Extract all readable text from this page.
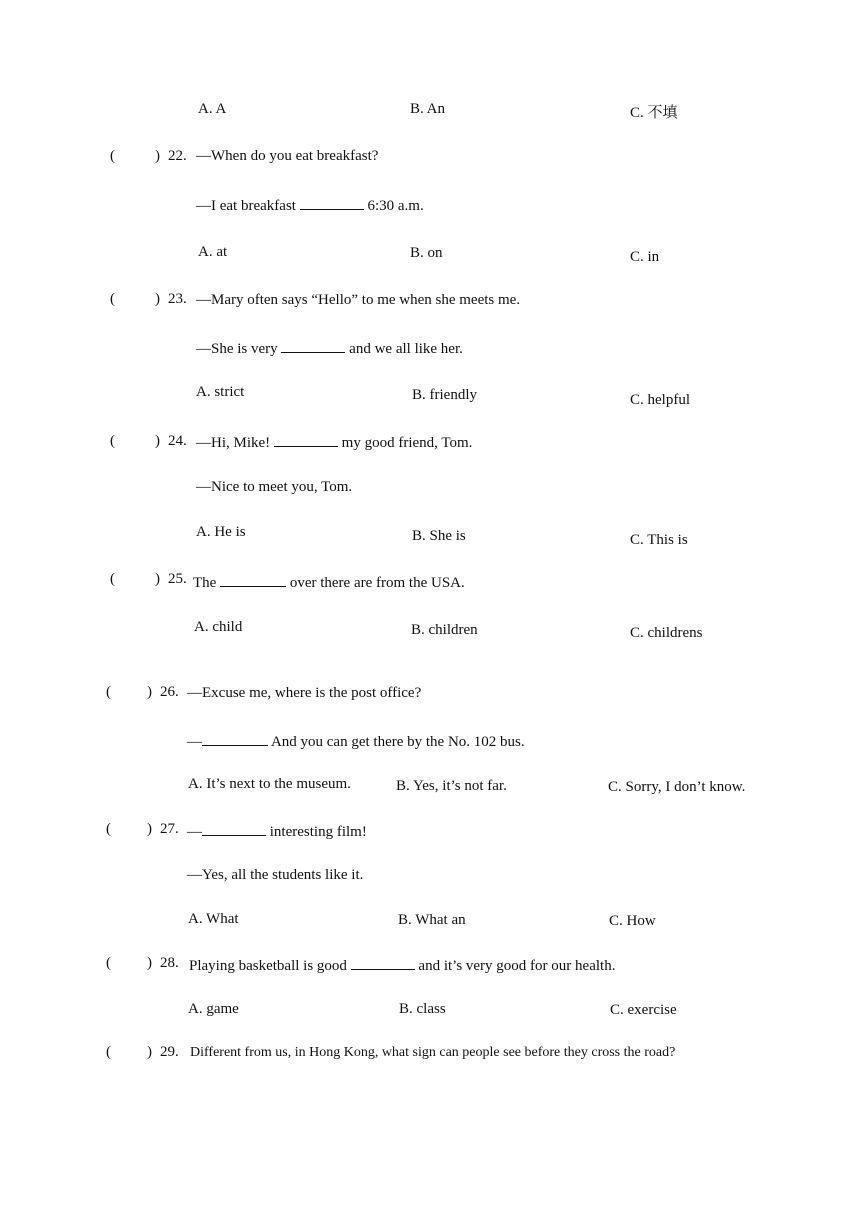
A. A	B. An	C. 不填
(	) 22. —When do you eat breakfast?
—I eat breakfast	6:30 a.m.
A. at	B. on	C. in
(	) 23. —Mary often says “Hello” to me when she meets me.
—She is very	and we all like her.
A. strict	B. friendly	C. helpful
(	) 24. —Hi, Mike!	my good friend, Tom.
—Nice to meet you, Tom.
A. He is	B. She is	C. This is
(	) 25. The	over there are from the USA.
A. child	B. children	C. childrens
( ) 26. —Excuse me, where is the post office?
—	And you can get there by the No. 102 bus.
A. It’s next to the museum.	B. Yes, it’s not far.	C. Sorry, I don’t know.
( ) 27. —	interesting film!
—Yes, all the students like it.
A. What	B. What an	C. How
( ) 28. Playing basketball is good	and it’s very good for our health.
A. game	B. class	C. exercise
( ) 29. Different from us, in Hong Kong, what sign can people see before they cross the road?
